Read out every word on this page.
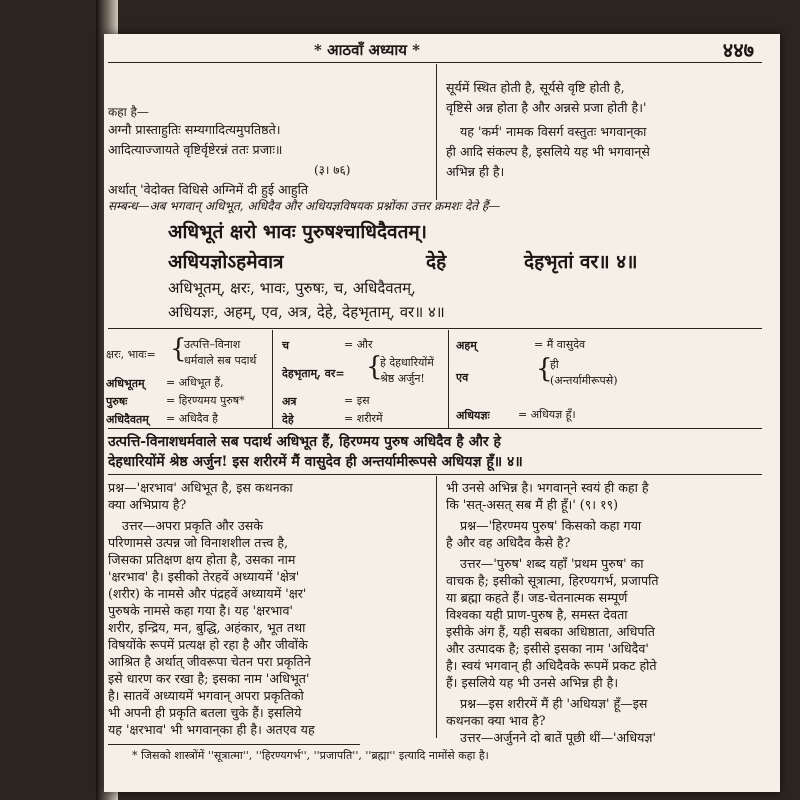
* आठवाँ अध्याय *	४४७
कहा है—
अग्नौ प्रास्ताहुतिः सम्यगादित्यमुपतिष्ठते।
आदित्याज्जायते वृष्टिर्वृष्टेरन्नं ततः प्रजाः॥
(३। ७६)
अर्थात् 'वेदोक्त विधिसे अग्निमें दी हुई आहुति
सूर्यमें स्थित होती है, सूर्यसे वृष्टि होती है,
वृष्टिसे अन्न होता है और अन्नसे प्रजा होती है।'
यह 'कर्म' नामक विसर्ग वस्तुतः भगवान्‌का
ही आदि संकल्प है, इसलिये यह भी भगवान्‌से
अभिन्न ही है।
सम्बन्ध—अब भगवान् अधिभूत, अधिदैव और अधियज्ञविषयक प्रश्नोंका उत्तर क्रमशः देते हैं—
अधिभूतं क्षरो भावः पुरुषश्चाधिदैवतम्।
अधियज्ञोऽहमेवात्र	देहे	देहभृतां वर॥ ४॥
अधिभूतम्, क्षरः, भावः, पुरुषः, च, अधिदैवतम्,
अधियज्ञः, अहम्, एव, अत्र, देहे, देहभृताम्, वर॥ ४॥
क्षरः, भावः= {
उत्पत्ति–विनाश
धर्मवाले सब पदार्थ
अधिभूतम् = अधिभूत हैं,
पुरुषः	= हिरण्यमय पुरुष*
अधिदैवतम् = अधिदैव है
च	= और
देहभृताम्, वर= {
हे देहधारियोंमें
श्रेष्ठ अर्जुन!
अत्र	= इस
देहे	= शरीरमें
अहम्	= मैं वासुदेव
एव	{
ही
(अन्तर्यामीरूपसे)
अधियज्ञः	= अधियज्ञ हूँ।
उत्पत्ति-विनाशधर्मवाले सब पदार्थ अधिभूत हैं, हिरण्मय पुरुष अधिदैव है और हे
देहधारियोंमें श्रेष्ठ अर्जुन! इस शरीरमें मैं वासुदेव ही अन्तर्यामीरूपसे अधियज्ञ हूँ॥ ४॥
प्रश्न—'क्षरभाव' अधिभूत है, इस कथनका
क्या अभिप्राय है?
उत्तर—अपरा प्रकृति और उसके
परिणामसे उत्पन्न जो विनाशशील तत्त्व है,
जिसका प्रतिक्षण क्षय होता है, उसका नाम
'क्षरभाव' है। इसीको तेरहवें अध्यायमें 'क्षेत्र'
(शरीर) के नामसे और पंद्रहवें अध्यायमें 'क्षर'
पुरुषके नामसे कहा गया है। यह 'क्षरभाव'
शरीर, इन्द्रिय, मन, बुद्धि, अहंकार, भूत तथा
विषयोंके रूपमें प्रत्यक्ष हो रहा है और जीवोंके
आश्रित है अर्थात् जीवरूपा चेतन परा प्रकृतिने
इसे धारण कर रखा है; इसका नाम 'अधिभूत'
है। सातवें अध्यायमें भगवान् अपरा प्रकृतिको
भी अपनी ही प्रकृति बतला चुके हैं। इसलिये
यह 'क्षरभाव' भी भगवान्‌का ही है। अतएव यह
भी उनसे अभिन्न है। भगवान्‌ने स्वयं ही कहा है
कि 'सत्-असत् सब मैं ही हूँ।' (९। १९)
प्रश्न—'हिरण्मय पुरुष' किसको कहा गया
है और वह अधिदैव कैसे है?
उत्तर—'पुरुष' शब्द यहाँ 'प्रथम पुरुष' का
वाचक है; इसीको सूत्रात्मा, हिरण्यगर्भ, प्रजापति
या ब्रह्मा कहते हैं। जड-चेतनात्मक सम्पूर्ण
विश्वका यही प्राण-पुरुष है, समस्त देवता
इसीके अंग हैं, यही सबका अधिष्ठाता, अधिपति
और उत्पादक है; इसीसे इसका नाम 'अधिदैव'
है। स्वयं भगवान् ही अधिदैवके रूपमें प्रकट होते
हैं। इसलिये यह भी उनसे अभिन्न ही है।
प्रश्न—इस शरीरमें मैं ही 'अधियज्ञ' हूँ—इस
कथनका क्या भाव है?
उत्तर—अर्जुनने दो बातें पूछी थीं—'अधियज्ञ'
* जिसको शास्त्रोंमें ''सूत्रात्मा'', ''हिरण्यगर्भ'', ''प्रजापति'', ''ब्रह्मा'' इत्यादि नामोंसे कहा है।
